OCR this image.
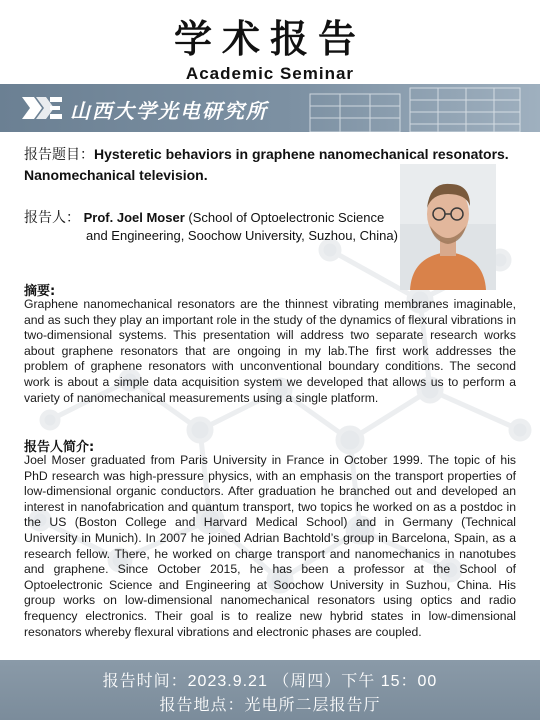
学术报告
Academic Seminar
山西大学光电研究所
报告题目：Hysteretic behaviors in graphene nanomechanical resonators.
Nanomechanical television.
报告人： Prof. Joel Moser (School of Optoelectronic Science
and Engineering, Soochow University, Suzhou, China)
摘要:
Graphene nanomechanical resonators are the thinnest vibrating membranes imaginable, and as such they play an important role in the study of the dynamics of flexural vibrations in two-dimensional systems. This presentation will address two separate research works about graphene resonators that are ongoing in my lab.The first work addresses the problem of graphene resonators with unconventional boundary conditions. The second work is about a simple data acquisition system we developed that allows us to perform a variety of nanomechanical measurements using a single platform.
报告人简介:
Joel Moser graduated from Paris University in France in October 1999. The topic of his PhD research was high-pressure physics, with an emphasis on the transport properties of low-dimensional organic conductors. After graduation he branched out and developed an interest in nanofabrication and quantum transport, two topics he worked on as a postdoc in the US (Boston College and Harvard Medical School) and in Germany (Technical University in Munich). In 2007 he joined Adrian Bachtold’s group in Barcelona, Spain, as a research fellow. There, he worked on charge transport and nanomechanics in nanotubes and graphene. Since October 2015, he has been a professor at the School of Optoelectronic Science and Engineering at Soochow University in Suzhou, China. His group works on low-dimensional nanomechanical resonators using optics and radio frequency electronics. Their goal is to realize new hybrid states in low-dimensional resonators whereby flexural vibrations and electronic phases are coupled.
报告时间：2023.9.21 （周四）下午 15：00
报告地点：光电所二层报告厅
